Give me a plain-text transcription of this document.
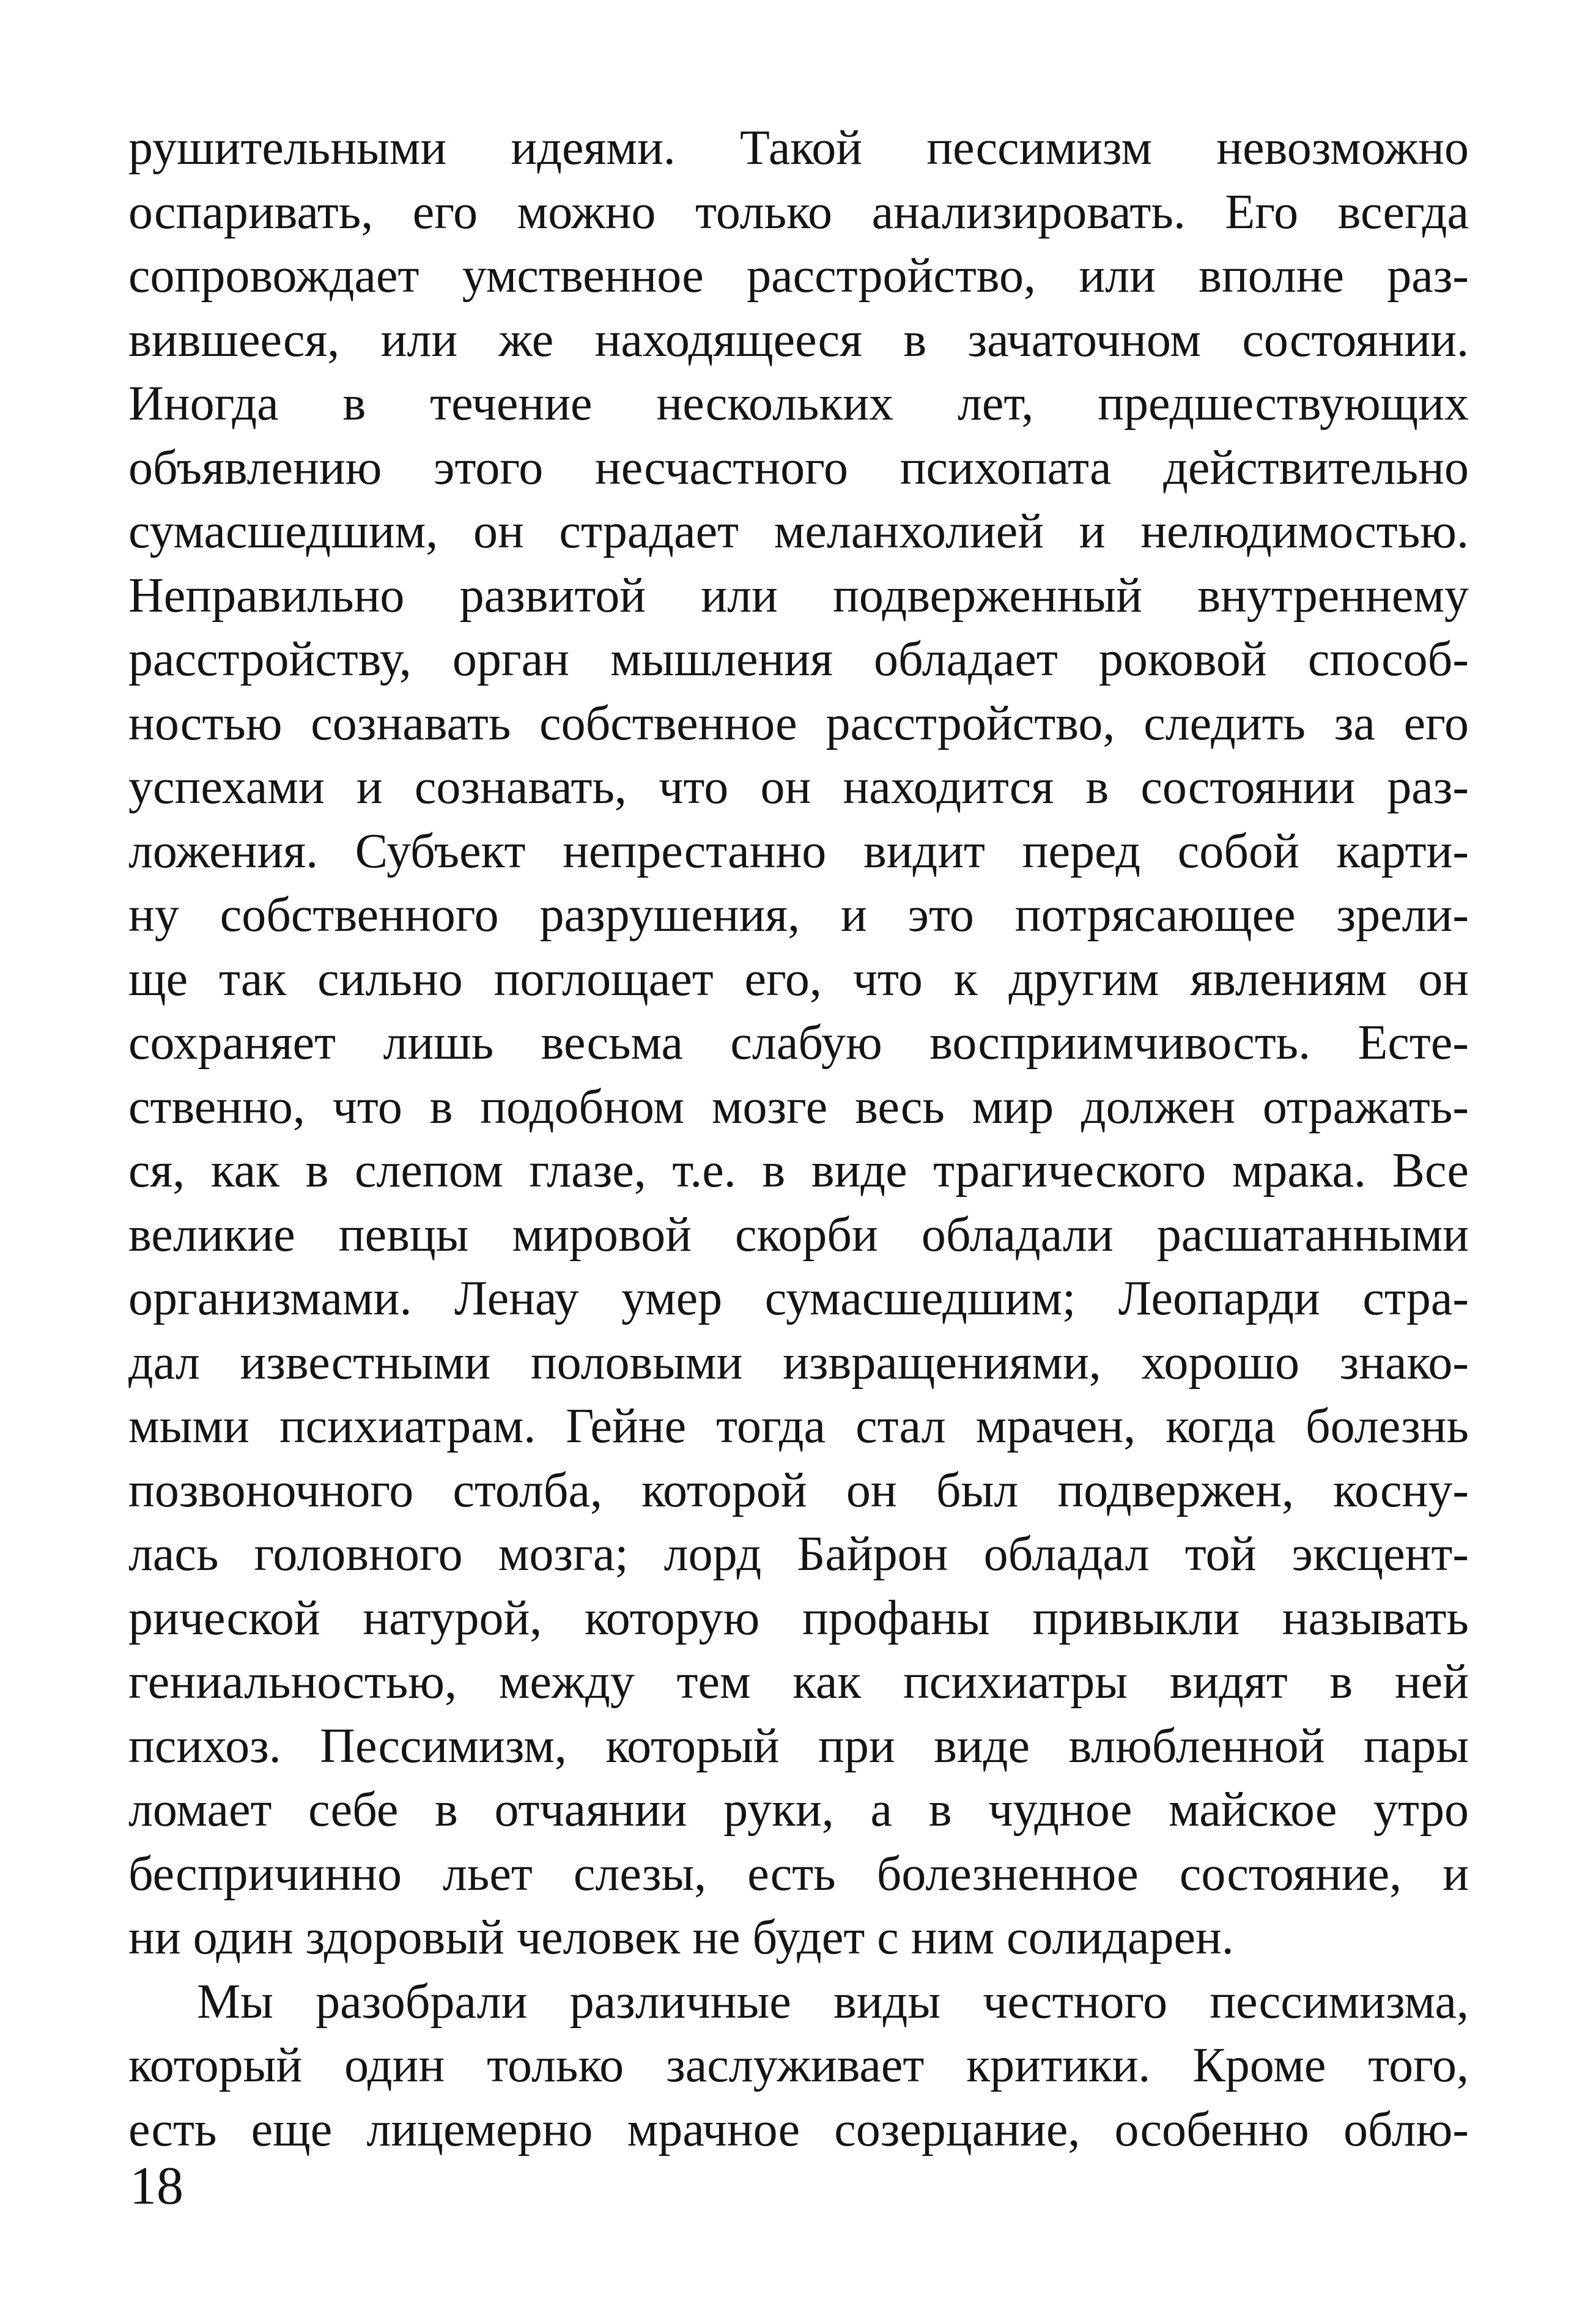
рушительными идеями. Такой пессимизм невозможно
оспаривать, его можно только анализировать. Его всегда
сопровождает умственное расстройство, или вполне раз-
вившееся, или же находящееся в зачаточном состоянии.
Иногда в течение нескольких лет, предшествующих
объявлению этого несчастного психопата действительно
сумасшедшим, он страдает меланхолией и нелюдимостью.
Неправильно развитой или подверженный внутреннему
расстройству, орган мышления обладает роковой способ-
ностью сознавать собственное расстройство, следить за его
успехами и сознавать, что он находится в состоянии раз-
ложения. Субъект непрестанно видит перед собой карти-
ну собственного разрушения, и это потрясающее зрели-
ще так сильно поглощает его, что к другим явлениям он
сохраняет лишь весьма слабую восприимчивость. Есте-
ственно, что в подобном мозге весь мир должен отражать-
ся, как в слепом глазе, т.е. в виде трагического мрака. Все
великие певцы мировой скорби обладали расшатанными
организмами. Ленау умер сумасшедшим; Леопарди стра-
дал известными половыми извращениями, хорошо знако-
мыми психиатрам. Гейне тогда стал мрачен, когда болезнь
позвоночного столба, которой он был подвержен, косну-
лась головного мозга; лорд Байрон обладал той эксцент-
рической натурой, которую профаны привыкли называть
гениальностью, между тем как психиатры видят в ней
психоз. Пессимизм, который при виде влюбленной пары
ломает себе в отчаянии руки, а в чудное майское утро
беспричинно льет слезы, есть болезненное состояние, и
ни один здоровый человек не будет с ним солидарен.
Мы разобрали различные виды честного пессимизма,
который один только заслуживает критики. Кроме того,
есть еще лицемерно мрачное созерцание, особенно облю-
18
